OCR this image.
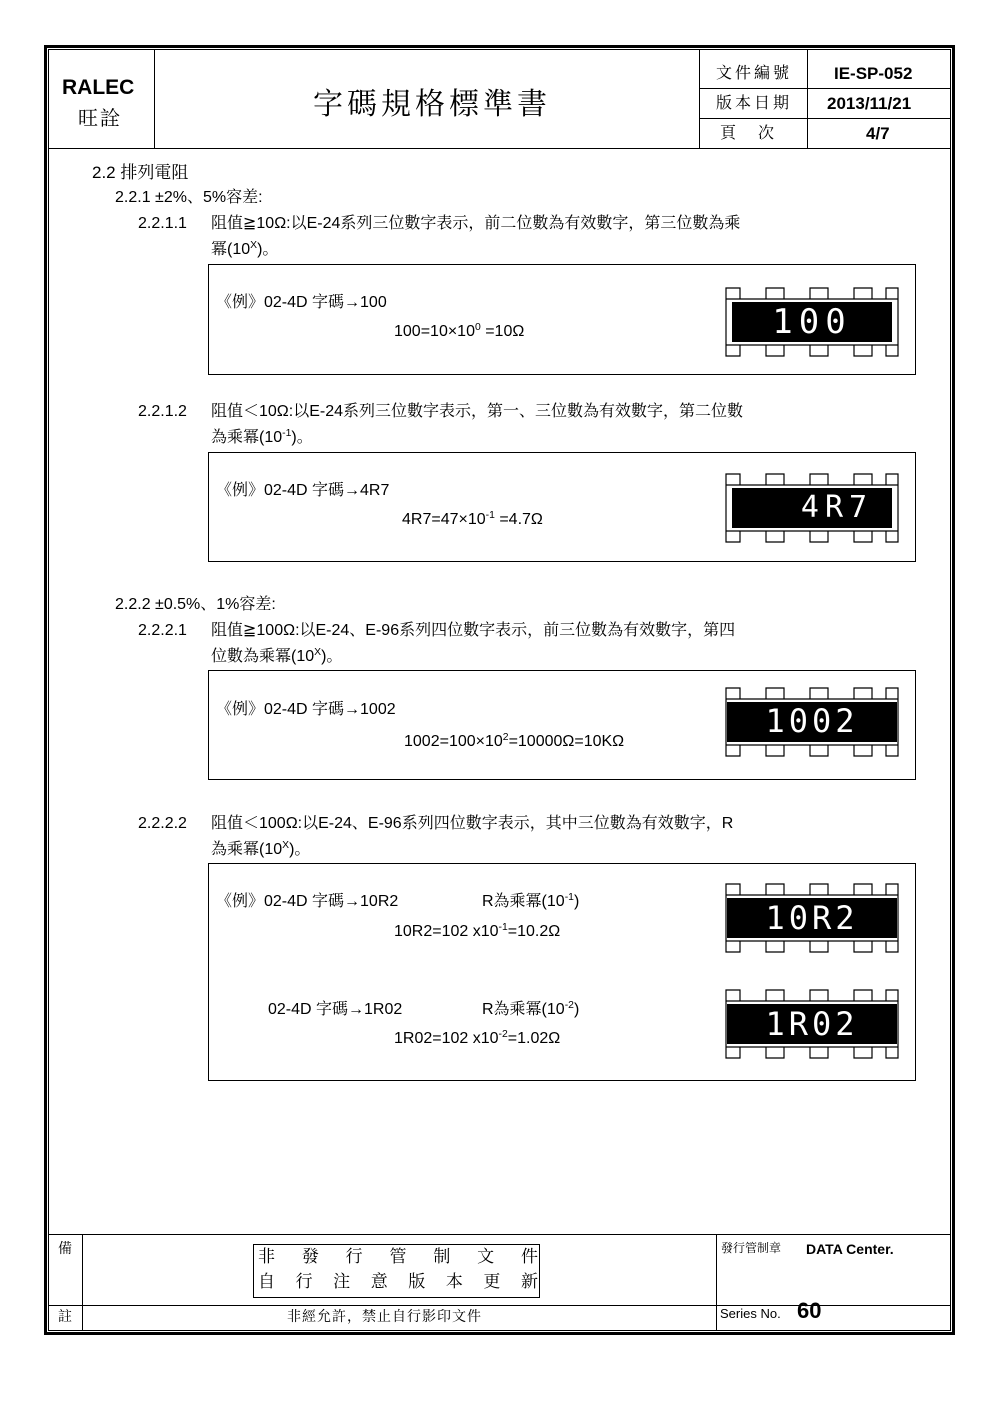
RALEC
旺詮	字碼規格標準書
文件編號 IE-SP-052
版本日期 2013/11/21
頁　次	4/7
2.2 排列電阻
2.2.1 ±2%、5%容差:
2.2.1.1 阻值≧10Ω:以E-24系列三位數字表示，前二位數為有效數字，第三位數為乘
冪$(10^X)$。
《例》02-4D 字碼→100
$100=10\times 10^0 =10\Omega$	100
2.2.1.2 阻值＜10Ω:以E-24系列三位數字表示，第一、三位數為有效數字，第二位數
為乘冪$(10^{-1})$。
《例》02-4D 字碼→4R7
$4R7=47\times 10^{-1} =4.7\Omega$	4R7
2.2.2 ±0.5%、1%容差:
2.2.2.1 阻值≧100Ω:以E-24、E-96系列四位數字表示，前三位數為有效數字，第四
位數為乘冪$(10^X)$。
《例》02-4D 字碼→1002
$1002=100\times 10^2=10000\Omega=10K\Omega$
1002
2.2.2.2 阻值＜100Ω:以E-24、E-96系列四位數字表示，其中三位數為有效數字，R
為乘冪$(10^X)$。
《例》02-4D 字碼→10R2	R為乘冪$(10^{-1})$
10R2=102 $x10^{-1}=10.2\Omega$	10R2
02-4D 字碼→1R02	R為乘冪$(10^{-2})$
1R02=102 $x10^{-2}=1.02\Omega$	1R02
備
註
非 發 行 管 制 文 件
自 行 注 意 版 本 更 新
非經允許，禁止自行影印文件
發行管制章 DATA Center.
Series No. 60
